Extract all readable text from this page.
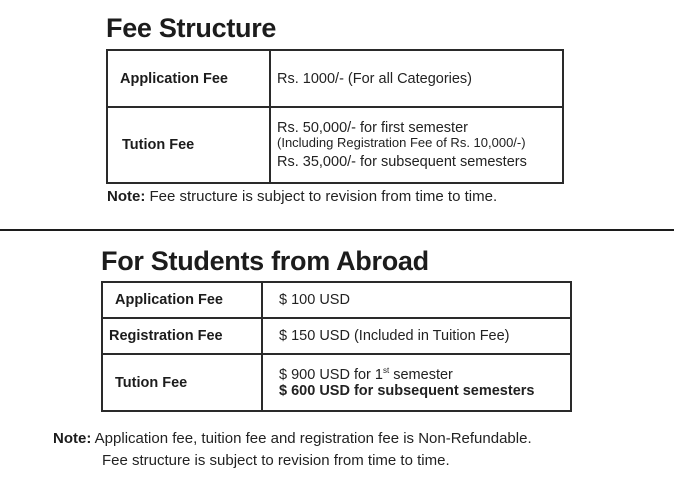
Fee Structure
Application Fee	Rs. 1000/- (For all Categories)
Tution Fee	Rs. 50,000/- for first semester
(Including Registration Fee of Rs. 10,000/-)
Rs. 35,000/- for subsequent semesters
Note: Fee structure is subject to revision from time to time.
For Students from Abroad
Application Fee	$ 100 USD
Registration Fee	$ 150 USD (Included in Tuition Fee)
Tution Fee	$ 900 USD for 1st semester
$ 600 USD for subsequent semesters
Note: Application fee, tuition fee and registration fee is Non-Refundable.
Fee structure is subject to revision from time to time.
